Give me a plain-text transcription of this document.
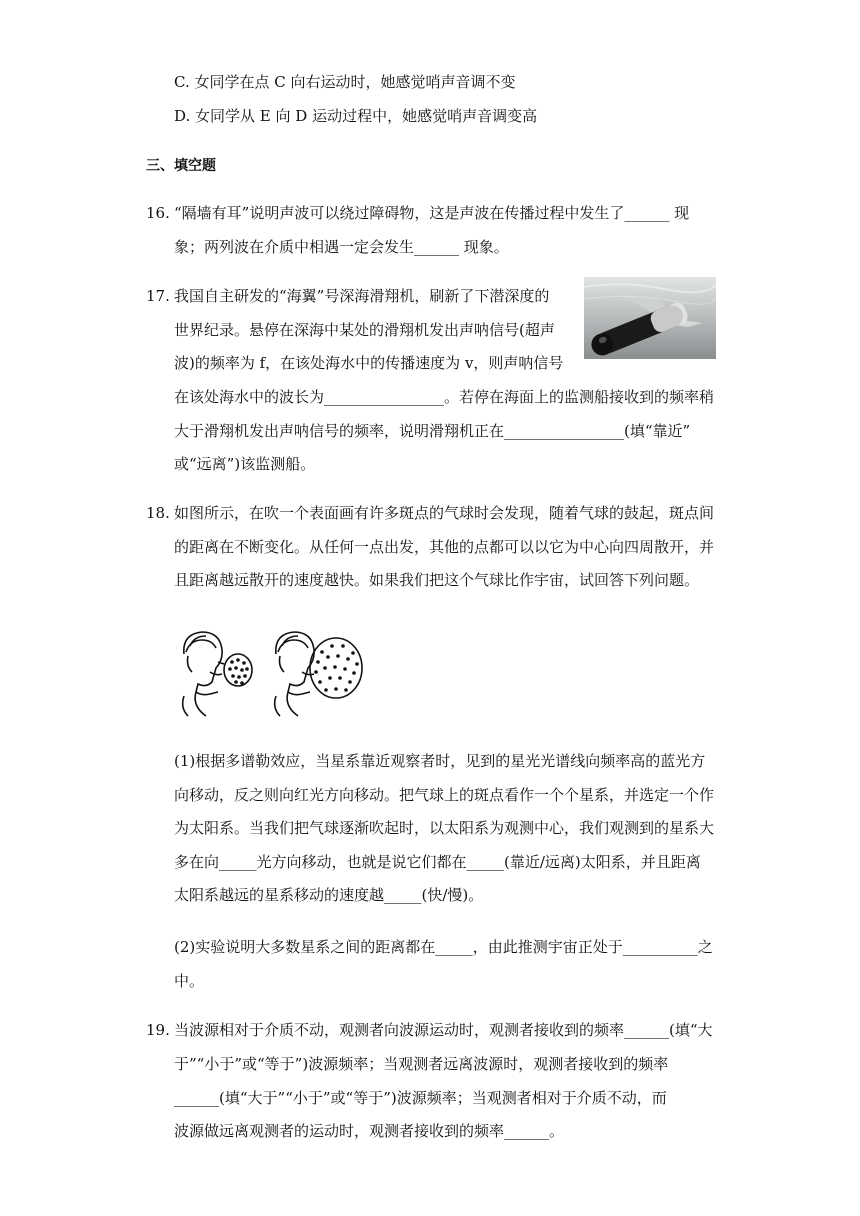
C. 女同学在点 C 向右运动时，她感觉哨声音调不变
D. 女同学从 E 向 D 运动过程中，她感觉哨声音调变高
三、填空题
16. “隔墙有耳”说明声波可以绕过障碍物，这是声波在传播过程中发生了______ 现
象；两列波在介质中相遇一定会发生______ 现象。
17. 我国自主研发的“海翼”号深海滑翔机，刷新了下潜深度的
世界纪录。悬停在深海中某处的滑翔机发出声呐信号(超声
波)的频率为 f，在该处海水中的传播速度为 v，则声呐信号
在该处海水中的波长为________________。若停在海面上的监测船接收到的频率稍
大于滑翔机发出声呐信号的频率，说明滑翔机正在________________(填“靠近”
或“远离”)该监测船。
18. 如图所示，在吹一个表面画有许多斑点的气球时会发现，随着气球的鼓起，斑点间
的距离在不断变化。从任何一点出发，其他的点都可以以它为中心向四周散开，并
且距离越远散开的速度越快。如果我们把这个气球比作宇宙，试回答下列问题。
(1)根据多谱勒效应，当星系靠近观察者时，见到的星光光谱线向频率高的蓝光方
向移动，反之则向红光方向移动。把气球上的斑点看作一个个星系，并选定一个作
为太阳系。当我们把气球逐渐吹起时，以太阳系为观测中心，我们观测到的星系大
多在向_____光方向移动，也就是说它们都在_____(靠近/远离)太阳系，并且距离
太阳系越远的星系移动的速度越_____(快/慢)。
(2)实验说明大多数星系之间的距离都在_____，由此推测宇宙正处于__________之
中。
19. 当波源相对于介质不动，观测者向波源运动时，观测者接收到的频率______(填“大
于”“小于”或“等于”)波源频率；当观测者远离波源时，观测者接收到的频率
______(填“大于”“小于”或“等于”)波源频率；当观测者相对于介质不动，而
波源做远离观测者的运动时，观测者接收到的频率______。
